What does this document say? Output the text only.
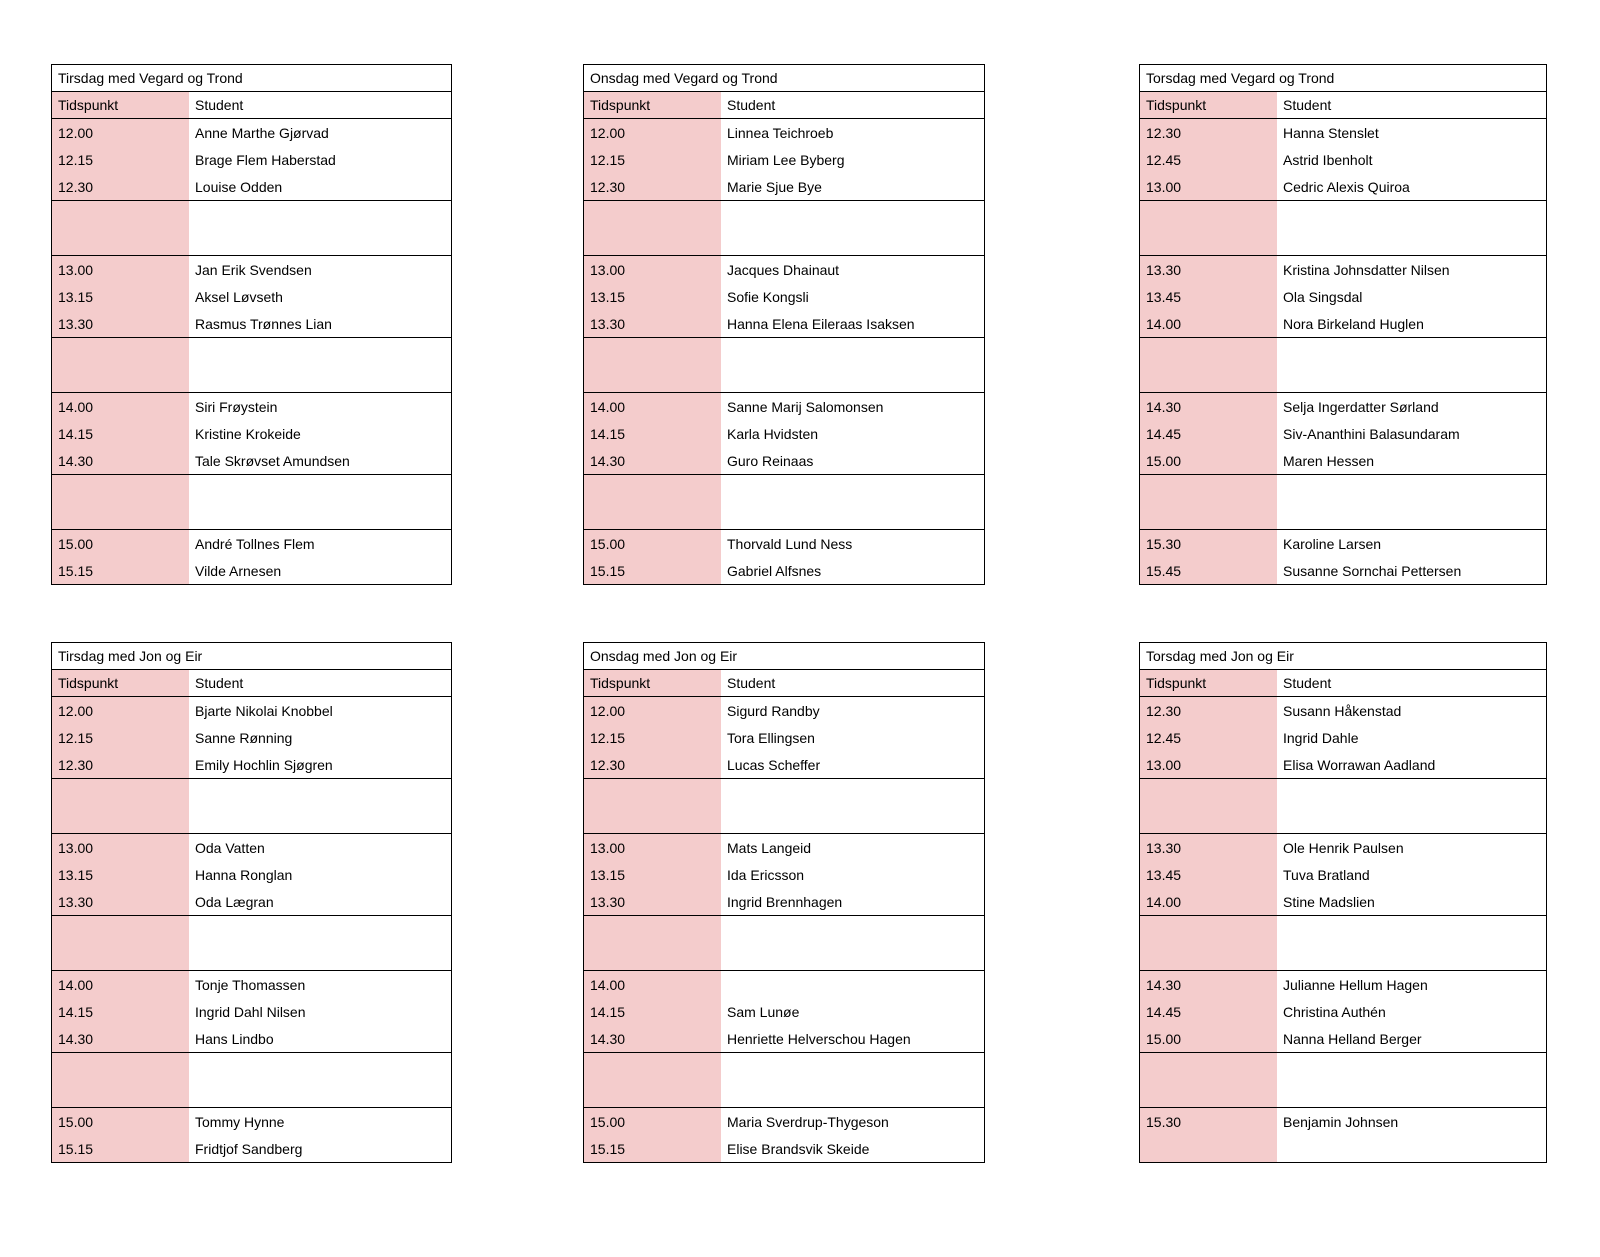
Tirsdag med Vegard og Trond
Tidspunkt	Student
12.00	Anne Marthe Gjørvad
12.15	Brage Flem Haberstad
12.30	Louise Odden
13.00	Jan Erik Svendsen
13.15	Aksel Løvseth
13.30	Rasmus Trønnes Lian
14.00	Siri Frøystein
14.15	Kristine Krokeide
14.30	Tale Skrøvset Amundsen
15.00	André Tollnes Flem
15.15	Vilde Arnesen
Onsdag med Vegard og Trond
Tidspunkt	Student
12.00	Linnea Teichroeb
12.15	Miriam Lee Byberg
12.30	Marie Sjue Bye
13.00	Jacques Dhainaut
13.15	Sofie Kongsli
13.30	Hanna Elena Eileraas Isaksen
14.00	Sanne Marij Salomonsen
14.15	Karla Hvidsten
14.30	Guro Reinaas
15.00	Thorvald Lund Ness
15.15	Gabriel Alfsnes
Torsdag med Vegard og Trond
Tidspunkt	Student
12.30	Hanna Stenslet
12.45	Astrid Ibenholt
13.00	Cedric Alexis Quiroa
13.30	Kristina Johnsdatter Nilsen
13.45	Ola Singsdal
14.00	Nora Birkeland Huglen
14.30	Selja Ingerdatter Sørland
14.45	Siv-Ananthini Balasundaram
15.00	Maren Hessen
15.30	Karoline Larsen
15.45	Susanne Sornchai Pettersen
Tirsdag med Jon og Eir
Tidspunkt	Student
12.00	Bjarte Nikolai Knobbel
12.15	Sanne Rønning
12.30	Emily Hochlin Sjøgren
13.00	Oda Vatten
13.15	Hanna Ronglan
13.30	Oda Lægran
14.00	Tonje Thomassen
14.15	Ingrid Dahl Nilsen
14.30	Hans Lindbo
15.00	Tommy Hynne
15.15	Fridtjof Sandberg
Onsdag med Jon og Eir
Tidspunkt	Student
12.00	Sigurd Randby
12.15	Tora Ellingsen
12.30	Lucas Scheffer
13.00	Mats Langeid
13.15	Ida Ericsson
13.30	Ingrid Brennhagen
14.00
14.15	Sam Lunøe
14.30	Henriette Helverschou Hagen
15.00	Maria Sverdrup-Thygeson
15.15	Elise Brandsvik Skeide
Torsdag med Jon og Eir
Tidspunkt	Student
12.30	Susann Håkenstad
12.45	Ingrid Dahle
13.00	Elisa Worrawan Aadland
13.30	Ole Henrik Paulsen
13.45	Tuva Bratland
14.00	Stine Madslien
14.30	Julianne Hellum Hagen
14.45	Christina Authén
15.00	Nanna Helland Berger
15.30	Benjamin Johnsen
